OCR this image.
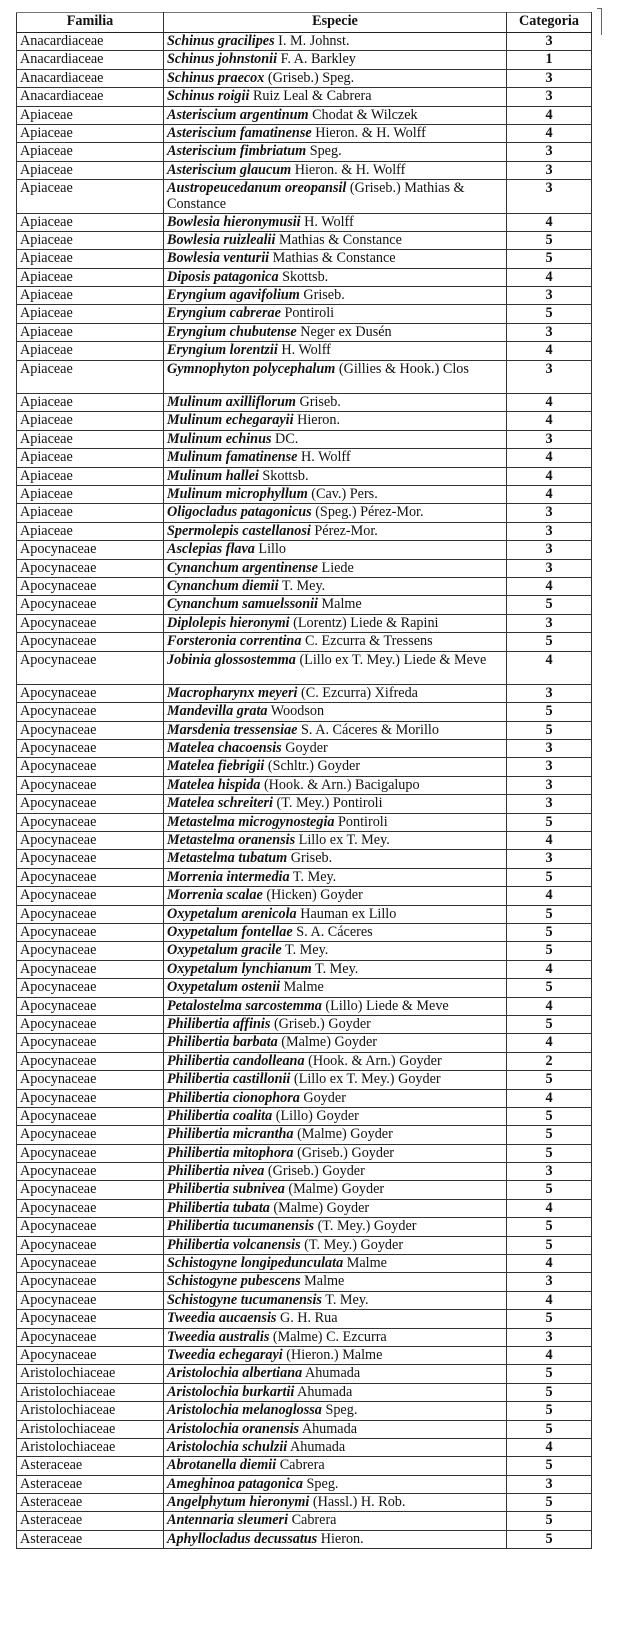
Familia	Especie	Categoria
Anacardiaceae	Schinus gracilipes I. M. Johnst.	3
Anacardiaceae	Schinus johnstonii F. A. Barkley	1
Anacardiaceae	Schinus praecox (Griseb.) Speg.	3
Anacardiaceae	Schinus roigii Ruiz Leal & Cabrera	3
Apiaceae	Asteriscium argentinum Chodat & Wilczek	4
Apiaceae	Asteriscium famatinense Hieron. & H. Wolff	4
Apiaceae	Asteriscium fimbriatum Speg.	3
Apiaceae	Asteriscium glaucum Hieron. & H. Wolff	3
Apiaceae	Austropeucedanum oreopansil (Griseb.) Mathias & Constance	3
Apiaceae	Bowlesia hieronymusii H. Wolff	4
Apiaceae	Bowlesia ruizlealii Mathias & Constance	5
Apiaceae	Bowlesia venturii Mathias & Constance	5
Apiaceae	Diposis patagonica Skottsb.	4
Apiaceae	Eryngium agavifolium Griseb.	3
Apiaceae	Eryngium cabrerae Pontiroli	5
Apiaceae	Eryngium chubutense Neger ex Dusén	3
Apiaceae	Eryngium lorentzii H. Wolff	4
Apiaceae	Gymnophyton polycephalum (Gillies & Hook.) Clos	3
Apiaceae	Mulinum axilliflorum Griseb.	4
Apiaceae	Mulinum echegarayii Hieron.	4
Apiaceae	Mulinum echinus DC.	3
Apiaceae	Mulinum famatinense H. Wolff	4
Apiaceae	Mulinum hallei Skottsb.	4
Apiaceae	Mulinum microphyllum (Cav.) Pers.	4
Apiaceae	Oligocladus patagonicus (Speg.) Pérez-Mor.	3
Apiaceae	Spermolepis castellanosi Pérez-Mor.	3
Apocynaceae	Asclepias flava Lillo	3
Apocynaceae	Cynanchum argentinense Liede	3
Apocynaceae	Cynanchum diemii T. Mey.	4
Apocynaceae	Cynanchum samuelssonii Malme	5
Apocynaceae	Diplolepis hieronymi (Lorentz) Liede & Rapini	3
Apocynaceae	Forsteronia correntina C. Ezcurra & Tressens	5
Apocynaceae	Jobinia glossostemma (Lillo ex T. Mey.) Liede & Meve	4
Apocynaceae	Macropharynx meyeri (C. Ezcurra) Xifreda	3
Apocynaceae	Mandevilla grata Woodson	5
Apocynaceae	Marsdenia tressensiae S. A. Cáceres & Morillo	5
Apocynaceae	Matelea chacoensis Goyder	3
Apocynaceae	Matelea fiebrigii (Schltr.) Goyder	3
Apocynaceae	Matelea hispida (Hook. & Arn.) Bacigalupo	3
Apocynaceae	Matelea schreiteri (T. Mey.) Pontiroli	3
Apocynaceae	Metastelma microgynostegia Pontiroli	5
Apocynaceae	Metastelma oranensis Lillo ex T. Mey.	4
Apocynaceae	Metastelma tubatum Griseb.	3
Apocynaceae	Morrenia intermedia T. Mey.	5
Apocynaceae	Morrenia scalae (Hicken) Goyder	4
Apocynaceae	Oxypetalum arenicola Hauman ex Lillo	5
Apocynaceae	Oxypetalum fontellae S. A. Cáceres	5
Apocynaceae	Oxypetalum gracile T. Mey.	5
Apocynaceae	Oxypetalum lynchianum T. Mey.	4
Apocynaceae	Oxypetalum ostenii Malme	5
Apocynaceae	Petalostelma sarcostemma (Lillo) Liede & Meve	4
Apocynaceae	Philibertia affinis (Griseb.) Goyder	5
Apocynaceae	Philibertia barbata (Malme) Goyder	4
Apocynaceae	Philibertia candolleana (Hook. & Arn.) Goyder	2
Apocynaceae	Philibertia castillonii (Lillo ex T. Mey.) Goyder	5
Apocynaceae	Philibertia cionophora Goyder	4
Apocynaceae	Philibertia coalita (Lillo) Goyder	5
Apocynaceae	Philibertia micrantha (Malme) Goyder	5
Apocynaceae	Philibertia mitophora (Griseb.) Goyder	5
Apocynaceae	Philibertia nivea (Griseb.) Goyder	3
Apocynaceae	Philibertia subnivea (Malme) Goyder	5
Apocynaceae	Philibertia tubata (Malme) Goyder	4
Apocynaceae	Philibertia tucumanensis (T. Mey.) Goyder	5
Apocynaceae	Philibertia volcanensis (T. Mey.) Goyder	5
Apocynaceae	Schistogyne longipedunculata Malme	4
Apocynaceae	Schistogyne pubescens Malme	3
Apocynaceae	Schistogyne tucumanensis T. Mey.	4
Apocynaceae	Tweedia aucaensis G. H. Rua	5
Apocynaceae	Tweedia australis (Malme) C. Ezcurra	3
Apocynaceae	Tweedia echegarayi (Hieron.) Malme	4
Aristolochiaceae	Aristolochia albertiana Ahumada	5
Aristolochiaceae	Aristolochia burkartii Ahumada	5
Aristolochiaceae	Aristolochia melanoglossa Speg.	5
Aristolochiaceae	Aristolochia oranensis Ahumada	5
Aristolochiaceae	Aristolochia schulzii Ahumada	4
Asteraceae	Abrotanella diemii Cabrera	5
Asteraceae	Ameghinoa patagonica Speg.	3
Asteraceae	Angelphytum hieronymi (Hassl.) H. Rob.	5
Asteraceae	Antennaria sleumeri Cabrera	5
Asteraceae	Aphyllocladus decussatus Hieron.	5
